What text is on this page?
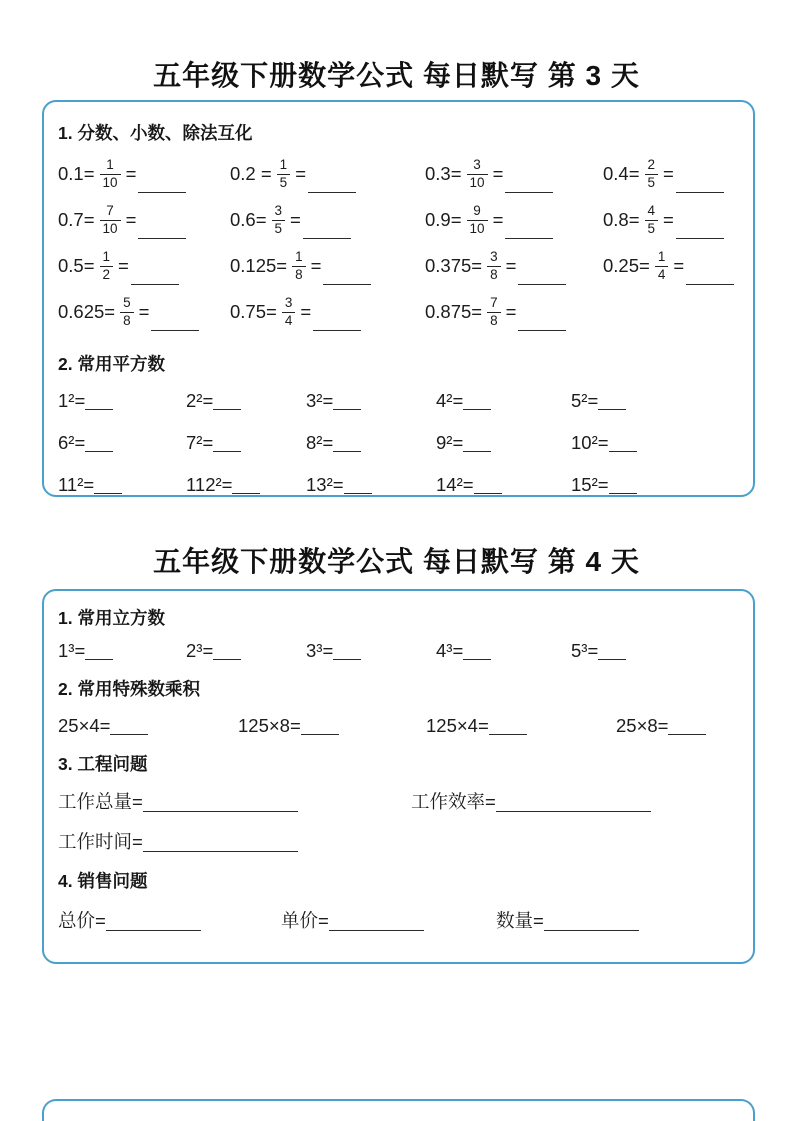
五年级下册数学公式 每日默写 第 3 天
1. 分数、小数、除法互化
$0.1= \frac{1}{10}$ =	$0.2 = \frac{1}{5}$ =	$0.3= \frac{3}{10}$ =	$0.4= \frac{2}{5}$ =
$0.7= \frac{7}{10}$ =	$0.6= \frac{3}{5}$ =	$0.9= \frac{9}{10}$ =	$0.8= \frac{4}{5}$ =
$0.5= \frac{1}{2}$ =	$0.125= \frac{1}{8}$ =	$0.375= \frac{3}{8}$ =	$0.25= \frac{1}{4}$ =
$0.625= \frac{5}{8}$ =	$0.75= \frac{3}{4}$ =	$0.875= \frac{7}{8}$ =
2. 常用平方数
1²=	2²=	3²=	4²=	5²=
6²=	7²=	8²=	9²=	10²=
11²=	112²=	13²=	14²=	15²=
五年级下册数学公式 每日默写 第 4 天
1. 常用立方数
1³=	2³=	3³=	4³=	5³=
2. 常用特殊数乘积
25×4=	125×8=	125×4=	25×8=
3. 工程问题
工作总量=	工作效率=
工作时间=
4. 销售问题
总价=	单价=	数量=
